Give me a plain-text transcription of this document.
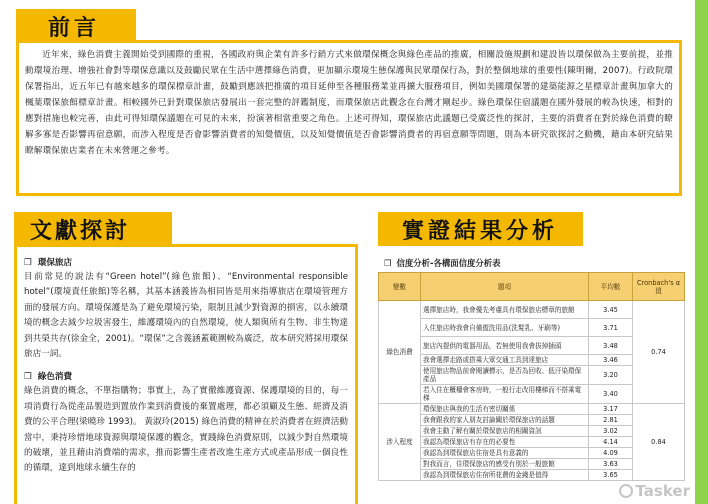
前言

近年來，綠色消費主義開始受到國際的重視，各國政府與企業有許多行銷方式來做環保概念與綠色產品的推廣，相關設施規劃和建設皆以環保做為主要前提，並推動環境治理、增強社會對等環保意識以及鼓勵民眾在生活中選擇綠色消費，更加顯示環境生態保護與民眾環保行為，對於整個地球的重要性(陳明爾，2007)。行政院環保署指出，近五年已有越來越多的環保標章計畫，鼓勵到應該把推廣的項目延伸至各種服務業並再擴大服務項目，例如美國環保署的建築能源之星標章計畫與加拿大的楓葉環保旅館標章計畫。相較國外已針對環保旅店發展出一套完整的評鑑制度，而環保旅店此觀念在台灣才剛起步。綠色環保住宿議題在國外發展的較為快速，相對的應對措施也較完善，由此可得知環保議題在可見的未來，扮演著相當重要之角色。上述可得知，環保旅店此議題已受廣泛性的探討，主要的消費者在對於綠色消費的瞭解多寡是否影響再宿意願，而涉入程度是否會影響消費者的知覺價值，以及知覺價值是否會影響消費者的再宿意願等問題，則為本研究欲探討之動機，藉由本研究結果瞭解環保旅店業者在未來營運之參考。

文獻探討
❒ 環保旅店

目前常見的說法有“Green hotel”(綠色旅館)、“Environmental responsible hotel”(環境責任旅館)等名稱，其基本涵義皆為相同皆是用來指導旅店在環境管理方面的發展方向。環境保護是為了避免環境污染，限制且減少對資源的損害，以永續環境的概念去減少垃圾害發生，維護環境內的自然環境，使人類與所有生物、非生物達到共榮共存(徐金全，2001)。“環保”之含義涵蓋範圍較為廣泛，故本研究將採用環保旅店一詞。

❒ 綠色消費

綠色消費的概念，不單指購物；事實上，為了實徹維護資源、保護環境的目的，每一項消費行為從產品製造到置放作業到消費後的棄置處理，都必須顧及生態、經濟及消費的公平合理(梁曉珍 1993)。 黃淑玲(2015) 綠色消費的精神在於消費者在經濟活動當中，秉持珍惜地球資源與環境保護的觀念，實踐綠色消費原則，以減少對自然環境的破壞，並且藉由消費端的需求，推而影響生產者改進生產方式或產品形成一個良性的循環，達到地球永續生存的

實證結果分析
❒ 信度分析-各構面信度分析表
變數	題項	平均數	Cronbach's α值
綠色消費	選擇旅店時，我會優先考慮具有環保旅店標章的旅館	3.45	0.74
	入住旅店時我會自備盥洗用品(洗髮乳、牙刷等)	3.71	
	旅店內提供的電器用品，若無使用我會拔掉插頭	3.48	
	我會選擇走路或搭乘大眾交通工具到達旅店	3.46	
	使用旅店物品前會閱讀標示，是否為回收、低汙染環保產品	3.20	
	若入住在櫃檯會客房時，一般行走改用樓梯而不搭乘電梯	3.40	
涉入程度	環保旅店與我的生活有密切關係	3.17	0.84
	我會跟我的家人朋友討論關於環保旅店的話題	2.81	
	我會主動了解有關於環保旅店的相關資訊	3.02	
	我認為環保旅店有存在的必要性	4.14	
	我認為到環保旅店住宿是具有意義的	4.09	
	對我而言，住環保旅店的感受有別於一般旅館	3.63	
	我認為到環保旅店住宿所花費的金錢是值得	3.65	
Tasker
